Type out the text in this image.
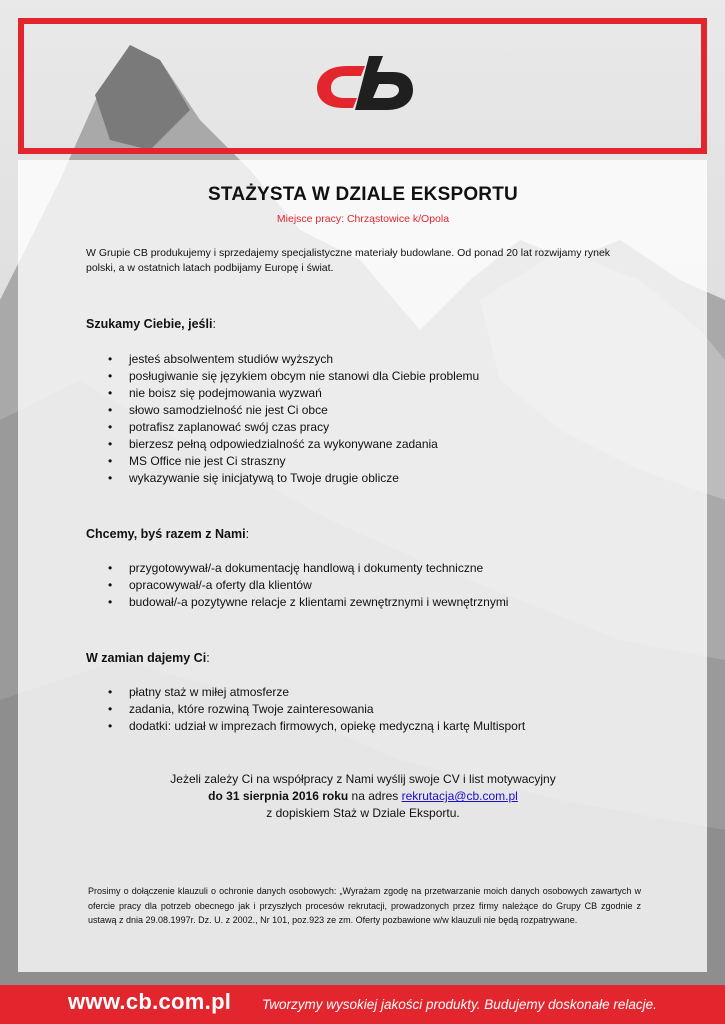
STAŻYSTA W DZIALE EKSPORTU
Miejsce pracy: Chrząstowice k/Opola

W Grupie CB produkujemy i sprzedajemy specjalistyczne materiały budowlane. Od ponad 20 lat rozwijamy rynek polski, a w ostatnich latach podbijamy Europę i świat.

Szukamy Ciebie, jeśli:
• jesteś absolwentem studiów wyższych
• posługiwanie się językiem obcym nie stanowi dla Ciebie problemu
• nie boisz się podejmowania wyzwań
• słowo samodzielność nie jest Ci obce
• potrafisz zaplanować swój czas pracy
• bierzesz pełną odpowiedzialność za wykonywane zadania
• MS Office nie jest Ci straszny
• wykazywanie się inicjatywą to Twoje drugie oblicze
Chcemy, byś razem z Nami:
• przygotowywał/-a dokumentację handlową i dokumenty techniczne
• opracowywał/-a oferty dla klientów
• budował/-a pozytywne relacje z klientami zewnętrznymi i wewnętrznymi
W zamian dajemy Ci:
• płatny staż w miłej atmosferze
• zadania, które rozwiną Twoje zainteresowania
• dodatki: udział w imprezach firmowych, opiekę medyczną i kartę Multisport
Jeżeli zależy Ci na współpracy z Nami wyślij swoje CV i list motywacyjny
do 31 sierpnia 2016 roku na adres rekrutacja@cb.com.pl
z dopiskiem Staż w Dziale Eksportu.

Prosimy o dołączenie klauzuli o ochronie danych osobowych: „Wyrażam zgodę na przetwarzanie moich danych osobowych zawartych w ofercie pracy dla potrzeb obecnego jak i przyszłych procesów rekrutacji, prowadzonych przez firmy należące do Grupy CB zgodnie z ustawą z dnia 29.08.1997r. Dz. U. z 2002., Nr 101, poz.923 ze zm. Oferty pozbawione w/w klauzuli nie będą rozpatrywane.

www.cb.com.pl Tworzymy wysokiej jakości produkty. Budujemy doskonałe relacje.
